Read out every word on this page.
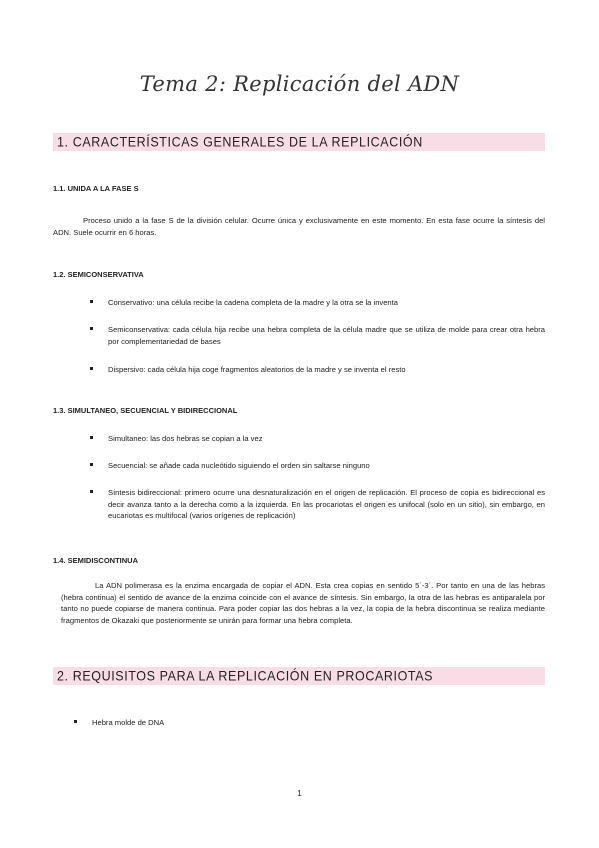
Tema 2: Replicación del ADN
1. CARACTERÍSTICAS GENERALES DE LA REPLICACIÓN
1.1. UNIDA A LA FASE S
Proceso unido a la fase S de la división celular. Ocurre única y exclusivamente en este momento. En esta fase ocurre la síntesis del ADN. Suele ocurrir en 6 horas.
1.2. SEMICONSERVATIVA
Conservativo: una célula recibe la cadena completa de la madre y la otra se la inventa
Semiconservativa: cada célula hija recibe una hebra completa de la célula madre que se utiliza de molde para crear otra hebra por complementariedad de bases
Dispersivo: cada célula hija coge fragmentos aleatorios de la madre y se inventa el resto
1.3. SIMULTANEO, SECUENCIAL Y BIDIRECCIONAL
Simultaneo: las dos hebras se copian a la vez
Secuencial: se añade cada nucleótido siguiendo el orden sin saltarse ninguno
Síntesis bidireccional: primero ocurre una desnaturalización en el origen de replicación. El proceso de copia es bidireccional es decir avanza tanto a la derecha como a la izquierda. En las procariotas el origen es unifocal (solo en un sitio), sin embargo, en eucariotas es multifocal (varios orígenes de replicación)
1.4. SEMIDISCONTINUA
La ADN polimerasa es la enzima encargada de copiar el ADN. Esta crea copias en sentido 5´-3´. Por tanto en una de las hebras (hebra continua) el sentido de avance de la enzima coincide con el avance de síntesis. Sin embargo, la otra de las hebras es antiparalela por tanto no puede copiarse de manera continua. Para poder copiar las dos hebras a la vez, la copia de la hebra discontinua se realiza mediante fragmentos de Okazaki que posteriormente se unirán para formar una hebra completa.
2. REQUISITOS PARA LA REPLICACIÓN EN PROCARIOTAS
Hebra molde de DNA
1
